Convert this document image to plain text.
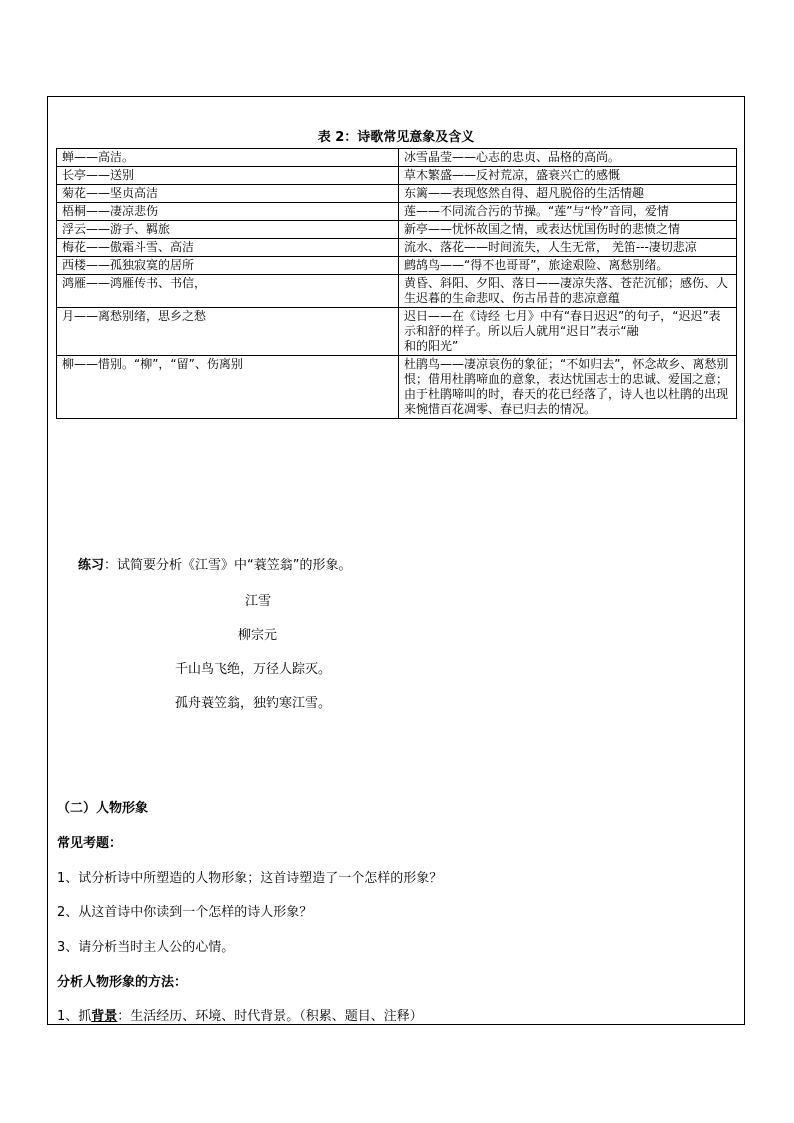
表 2：诗歌常见意象及含义
蝉——高洁。	冰雪晶莹——心志的忠贞、品格的高尚。
长亭——送别	草木繁盛——反衬荒凉，盛衰兴亡的感慨
菊花——坚贞高洁	东篱——表现悠然自得、超凡脱俗的生活情趣
梧桐——凄凉悲伤	莲——不同流合污的节操。“莲”与“怜”音同，爱情
浮云——游子、羁旅	新亭——忧怀故国之情，或表达忧国伤时的悲愤之情
梅花——傲霜斗雪、高洁	流水、落花——时间流失，人生无常， 羌笛---凄切悲凉
西楼——孤独寂寞的居所	鹧鸪鸟——“得不也哥哥”，旅途艰险、离愁别绪。
鸿雁——鸿雁传书、书信，	黄昏、斜阳、夕阳、落日——凄凉失落、苍茫沉郁；感伤、人生迟暮的生命悲叹、伤古吊昔的悲凉意蕴
月——离愁别绪，思乡之愁	迟日——在《诗经 七月》中有“春日迟迟”的句子，“迟迟”表示和舒的样子。所以后人就用“迟日”表示“融
和的阳光”

柳——惜别。“柳”，“留”、伤离别	杜鹃鸟——凄凉哀伤的象征；“不如归去”，怀念故乡、离愁别恨；借用杜鹃啼血的意象，表达忧国志士的忠诚、爱国之意；由于杜鹃啼叫的时，春天的花已经落了，诗人也以杜鹃的出现来惋惜百花凋零、春已归去的情况。
练习：试简要分析《江雪》中“蓑笠翁”的形象。
江雪
柳宗元
千山鸟飞绝，万径人踪灭。
孤舟蓑笠翁，独钓寒江雪。
（二）人物形象
常见考题：
1、试分析诗中所塑造的人物形象；这首诗塑造了一个怎样的形象？
2、从这首诗中你读到一个怎样的诗人形象？
3、请分析当时主人公的心情。
分析人物形象的方法：
1、抓背景：生活经历、环境、时代背景。（积累、题目、注释）
